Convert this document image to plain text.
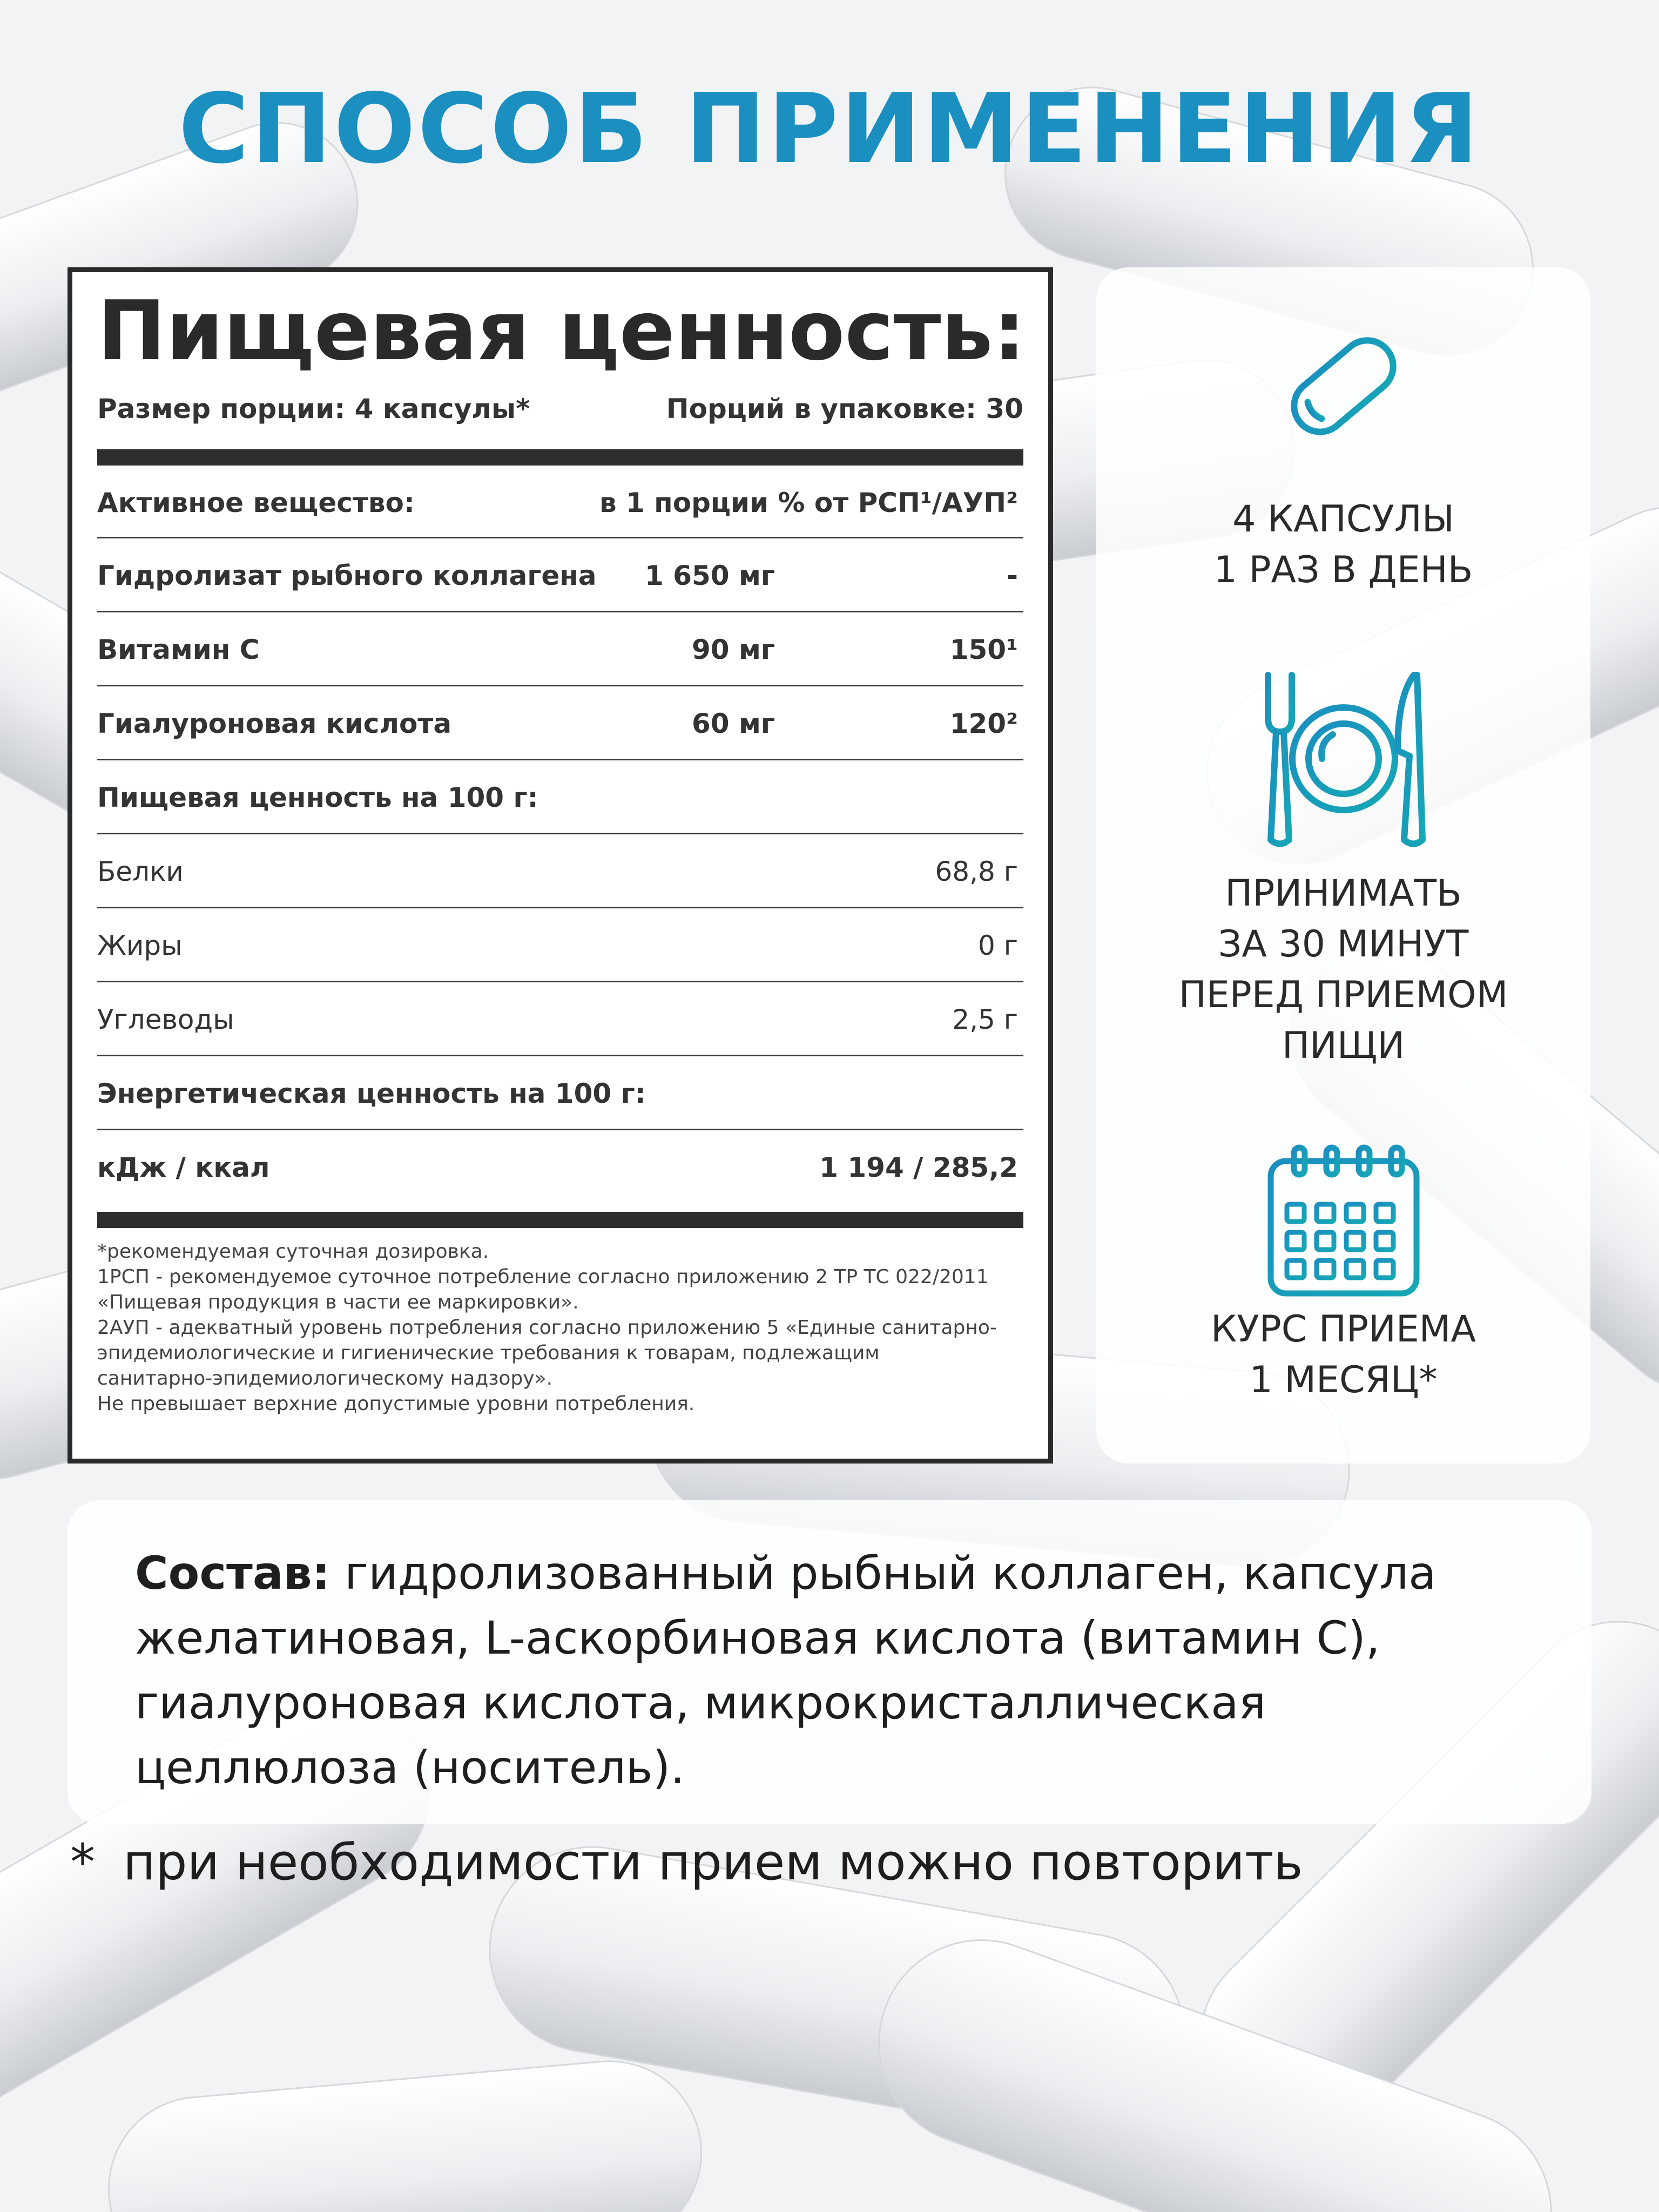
СПОСОБ ПРИМЕНЕНИЯ
Пищевая ценность:
Размер порции: 4 капсулы*	Порций в упаковке: 30
Активное вещество:	в 1 порции % от РСП¹/АУП²
Гидролизат рыбного коллагена 1 650 мг	-
Витамин С	90 мг	150¹
Гиалуроновая кислота	60 мг	120²
Пищевая ценность на 100 г:
Белки	68,8 г
Жиры	0 г
Углеводы	2,5 г
Энергетическая ценность на 100 г:
кДж / ккал	1 194 / 285,2
*рекомендуемая суточная дозировка.
1РСП - рекомендуемое суточное потребление согласно приложению 2 ТР ТС 022/2011
«Пищевая продукция в части ее маркировки».
2АУП - адекватный уровень потребления согласно приложению 5 «Единые санитарно-
эпидемиологические и гигиенические требования к товарам, подлежащим
санитарно-эпидемиологическому надзору».
Не превышает верхние допустимые уровни потребления.
4 КАПСУЛЫ
1 РАЗ В ДЕНЬ
ПРИНИМАТЬ
ЗА 30 МИНУТ
ПЕРЕД ПРИЕМОМ
ПИЩИ
КУРС ПРИЕМА
1 МЕСЯЦ*
Состав: гидролизованный рыбный коллаген, капсула
желатиновая, L-аскорбиновая кислота (витамин С),
гиалуроновая кислота, микрокристаллическая
целлюлоза (носитель).
* при необходимости прием можно повторить
